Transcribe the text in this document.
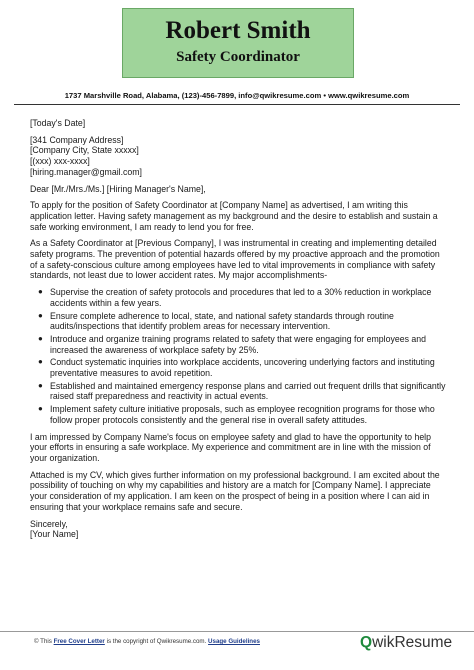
Robert Smith
Safety Coordinator
1737 Marshville Road, Alabama, (123)-456-7899, info@qwikresume.com • www.qwikresume.com

[Today's Date]

[341 Company Address]
[Company City, State xxxxx]
[(xxx) xxx-xxxx]
[hiring.manager@gmail.com]

Dear [Mr./Mrs./Ms.] [Hiring Manager's Name],

To apply for the position of Safety Coordinator at [Company Name] as advertised, I am writing this application letter. Having safety management as my background and the desire to establish and sustain a safe working environment, I am ready to lend you for free.

As a Safety Coordinator at [Previous Company], I was instrumental in creating and implementing detailed safety programs. The prevention of potential hazards offered by my proactive approach and the promotion of a safety-conscious culture among employees have led to vital improvements in compliance with safety standards, not least due to lower accident rates. My major accomplishments-

● Supervise the creation of safety protocols and procedures that led to a 30% reduction in workplace accidents within a few years.
● Ensure complete adherence to local, state, and national safety standards through routine audits/inspections that identify problem areas for necessary intervention.
● Introduce and organize training programs related to safety that were engaging for employees and increased the awareness of workplace safety by 25%.
● Conduct systematic inquiries into workplace accidents, uncovering underlying factors and instituting preventative measures to avoid repetition.
● Established and maintained emergency response plans and carried out frequent drills that significantly raised staff preparedness and reactivity in actual events.
● Implement safety culture initiative proposals, such as employee recognition programs for those who follow proper protocols consistently and the general rise in overall safety attitudes.

I am impressed by Company Name's focus on employee safety and glad to have the opportunity to help your efforts in ensuring a safe workplace. My experience and commitment are in line with the mission of your organization.

Attached is my CV, which gives further information on my professional background. I am excited about the possibility of touching on why my capabilities and history are a match for [Company Name]. I appreciate your consideration of my application. I am keen on the prospect of being in a position where I can aid in ensuring that your workplace remains safe and secure.

Sincerely,
[Your Name]

© This Free Cover Letter is the copyright of Qwikresume.com. Usage Guidelines	QwikResume
